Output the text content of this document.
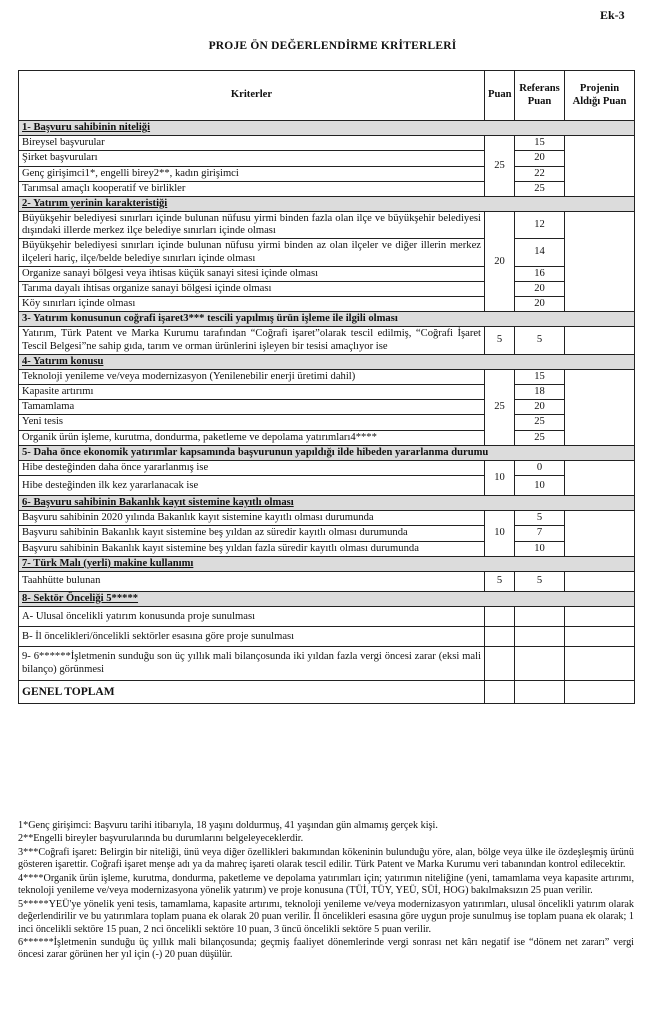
Ek-3
PROJE ÖN DEĞERLENDİRME KRİTERLERİ
Kriterler	Puan	Referans Puan	Projenin Aldığı Puan
1- Başvuru sahibinin niteliği			
Bireysel başvurular	25	15	
Şirket başvuruları		20	
Genç girişimci1*, engelli birey2**, kadın girişimci		22	
Tarımsal amaçlı kooperatif ve birlikler		25	
2- Yatırım yerinin karakteristiği			
Büyükşehir belediyesi sınırları içinde bulunan nüfusu yirmi binden fazla olan ilçe ve büyükşehir belediyesi dışındaki illerde merkez ilçe belediye sınırları içinde olması	20	12	
Büyükşehir belediyesi sınırları içinde bulunan nüfusu yirmi binden az olan ilçeler ve diğer illerin merkez ilçeleri hariç, ilçe/belde belediye sınırları içinde olması		14	
Organize sanayi bölgesi veya ihtisas küçük sanayi sitesi içinde olması		16	
Tarıma dayalı ihtisas organize sanayi bölgesi içinde olması		20	
Köy sınırları içinde olması		20	
3- Yatırım konusunun coğrafi işaret3*** tescili yapılmış ürün işleme ile ilgili olması			
Yatırım, Türk Patent ve Marka Kurumu tarafından “Coğrafi işaret”olarak tescil edilmiş, “Coğrafi İşaret Tescil Belgesi”ne sahip gıda, tarım ve orman ürünlerini işleyen bir tesisi amaçlıyor ise	5	5	
4- Yatırım konusu			
Teknoloji yenileme ve/veya modernizasyon (Yenilenebilir enerji üretimi dahil)	25	15	
Kapasite artırımı		18	
Tamamlama		20	
Yeni tesis		25	
Organik ürün işleme, kurutma, dondurma, paketleme ve depolama yatırımları4****		25	
5- Daha önce ekonomik yatırımlar kapsamında başvurunun yapıldığı ilde hibeden yararlanma durumu			
Hibe desteğinden daha önce yararlanmış ise	10	0	
Hibe desteğinden ilk kez yararlanacak ise		10	
6- Başvuru sahibinin Bakanlık kayıt sistemine kayıtlı olması			
Başvuru sahibinin 2020 yılında Bakanlık kayıt sistemine kayıtlı olması durumunda	10	5	
Başvuru sahibinin Bakanlık kayıt sistemine beş yıldan az süredir kayıtlı olması durumunda		7	
Başvuru sahibinin Bakanlık kayıt sistemine beş yıldan fazla süredir kayıtlı olması durumunda		10	
7- Türk Malı (yerli) makine kullanımı			
Taahhütte bulunan	5	5	
8- Sektör Önceliği 5*****			
A- Ulusal öncelikli yatırım konusunda proje sunulması			
B- İl öncelikleri/öncelikli sektörler esasına göre proje sunulması			
9- 6******İşletmenin sunduğu son üç yıllık mali bilançosunda iki yıldan fazla vergi öncesi zarar (eksi mali bilanço) görünmesi			
GENEL TOPLAM			

1*Genç girişimci: Başvuru tarihi itibarıyla, 18 yaşını doldurmuş, 41 yaşından gün almamış gerçek kişi.

2**Engelli bireyler başvurularında bu durumlarını belgeleyeceklerdir.

3***Coğrafi işaret: Belirgin bir niteliği, ünü veya diğer özellikleri bakımından kökeninin bulunduğu yöre, alan, bölge veya ülke ile özdeşleşmiş ürünü gösteren işarettir. Coğrafi işaret menşe adı ya da mahreç işareti olarak tescil edilir. Türk Patent ve Marka Kurumu veri tabanından kontrol edilecektir.

4****Organik ürün işleme, kurutma, dondurma, paketleme ve depolama yatırımları için; yatırımın niteliğine (yeni, tamamlama veya kapasite artırımı, teknoloji yenileme ve/veya modernizasyona yönelik yatırım) ve proje konusuna (TÜİ, TÜY, YEÜ, SÜİ, HOG) bakılmaksızın 25 puan verilir.

5*****YEÜ'ye yönelik yeni tesis, tamamlama, kapasite artırımı, teknoloji yenileme ve/veya modernizasyon yatırımları, ulusal öncelikli yatırım olarak değerlendirilir ve bu yatırımlara toplam puana ek olarak 20 puan verilir. İl öncelikleri esasına göre uygun proje sunulmuş ise toplam puana ek olarak; 1 inci öncelikli sektöre 15 puan, 2 nci öncelikli sektöre 10 puan, 3 üncü öncelikli sektöre 5 puan verilir.

6******İşletmenin sunduğu üç yıllık mali bilançosunda; geçmiş faaliyet dönemlerinde vergi sonrası net kârı negatif ise “dönem net zararı” vergi öncesi zarar görünen her yıl için (-) 20 puan düşülür.
